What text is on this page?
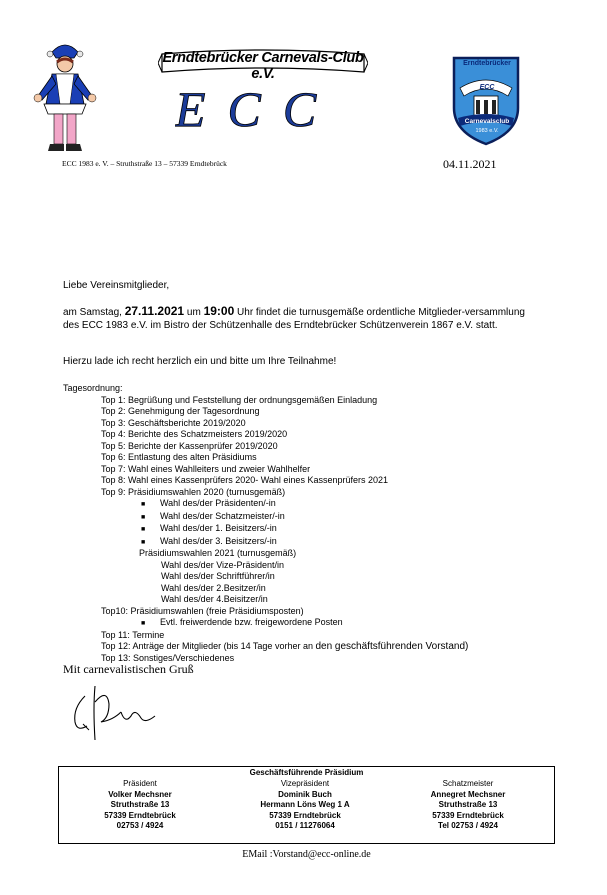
Erndtebrücker Carnevals-Club e.V.
ECC
Erndtebrücker
ECC
Carnevalsclub
1983 e.V.
ECC 1983 e. V. – Struthstraße 13 – 57339 Erndtebrück	04.11.2021
Liebe Vereinsmitglieder,
am Samstag, 27.11.2021 um 19:00 Uhr findet die turnusgemäße ordentliche Mitglieder-versammlung des ECC 1983 e.V. im Bistro der Schützenhalle des Erndtebrücker Schützenverein 1867 e.V. statt.
Hierzu lade ich recht herzlich ein und bitte um Ihre Teilnahme!
Tagesordnung:
Top 1: Begrüßung und Feststellung der ordnungsgemäßen Einladung
Top 2: Genehmigung der Tagesordnung
Top 3: Geschäftsberichte 2019/2020
Top 4: Berichte des Schatzmeisters 2019/2020
Top 5: Berichte der Kassenprüfer 2019/2020
Top 6: Entlastung des alten Präsidiums
Top 7: Wahl eines Wahlleiters und zweier Wahlhelfer
Top 8: Wahl eines Kassenprüfers 2020- Wahl eines Kassenprüfers 2021
Top 9: Präsidiumswahlen 2020 (turnusgemäß)
■ Wahl des/der Präsidenten/-in
■ Wahl des/der Schatzmeister/-in
■ Wahl des/der 1. Beisitzers/-in
■ Wahl des/der 3. Beisitzers/-in
Präsidiumswahlen 2021 (turnusgemäß)
Wahl des/der Vize-Präsident/in
Wahl des/der Schriftführer/in
Wahl des/der 2.Besitzer/in
Wahl des/der 4.Beisitzer/in
Top10: Präsidiumswahlen (freie Präsidiumsposten)
■ Evtl. freiwerdende bzw. freigewordene Posten
Top 11: Termine
Top 12: Anträge der Mitglieder (bis 14 Tage vorher an den geschäftsführenden Vorstand)
Top 13: Sonstiges/Verschiedenes
Mit carnevalistischen Gruß
Geschäftsführende Präsidium
Präsident
Volker Mechsner
Struthstraße 13
57339 Erndtebrück
02753 / 4924
Vizepräsident
Dominik Buch
Hermann Löns Weg 1 A
57339 Erndtebrück
0151 / 11276064
Schatzmeister
Annegret Mechsner
Struthstraße 13
57339 Erndtebrück
Tel 02753 / 4924
EMail :Vorstand@ecc-online.de
